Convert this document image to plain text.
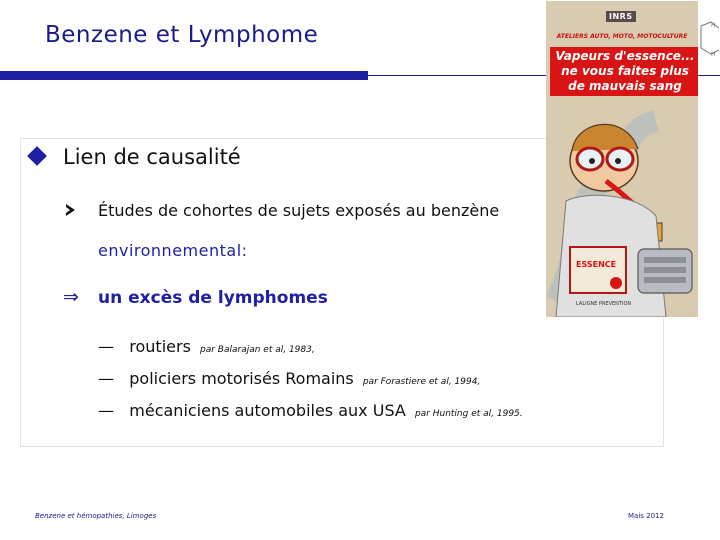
Benzene et Lymphome
Lien de causalité
Études de cohortes de sujets exposés au benzène
environnemental:
⇒ un excès de lymphomes
— routiers par Balarajan et al, 1983,
— policiers motorisés Romains par Forastiere et al, 1994,
— mécaniciens automobiles aux USA par Hunting et al, 1995.
INRS
ATELIERS AUTO, MOTO, MOTOCULTURE
Vapeurs d'essence... ne vous faites plus de mauvais sang
ESSENCE
LALIGNE PREVENTION
H
H
Benzene et hémopathies, Limoges	Mais 2012
